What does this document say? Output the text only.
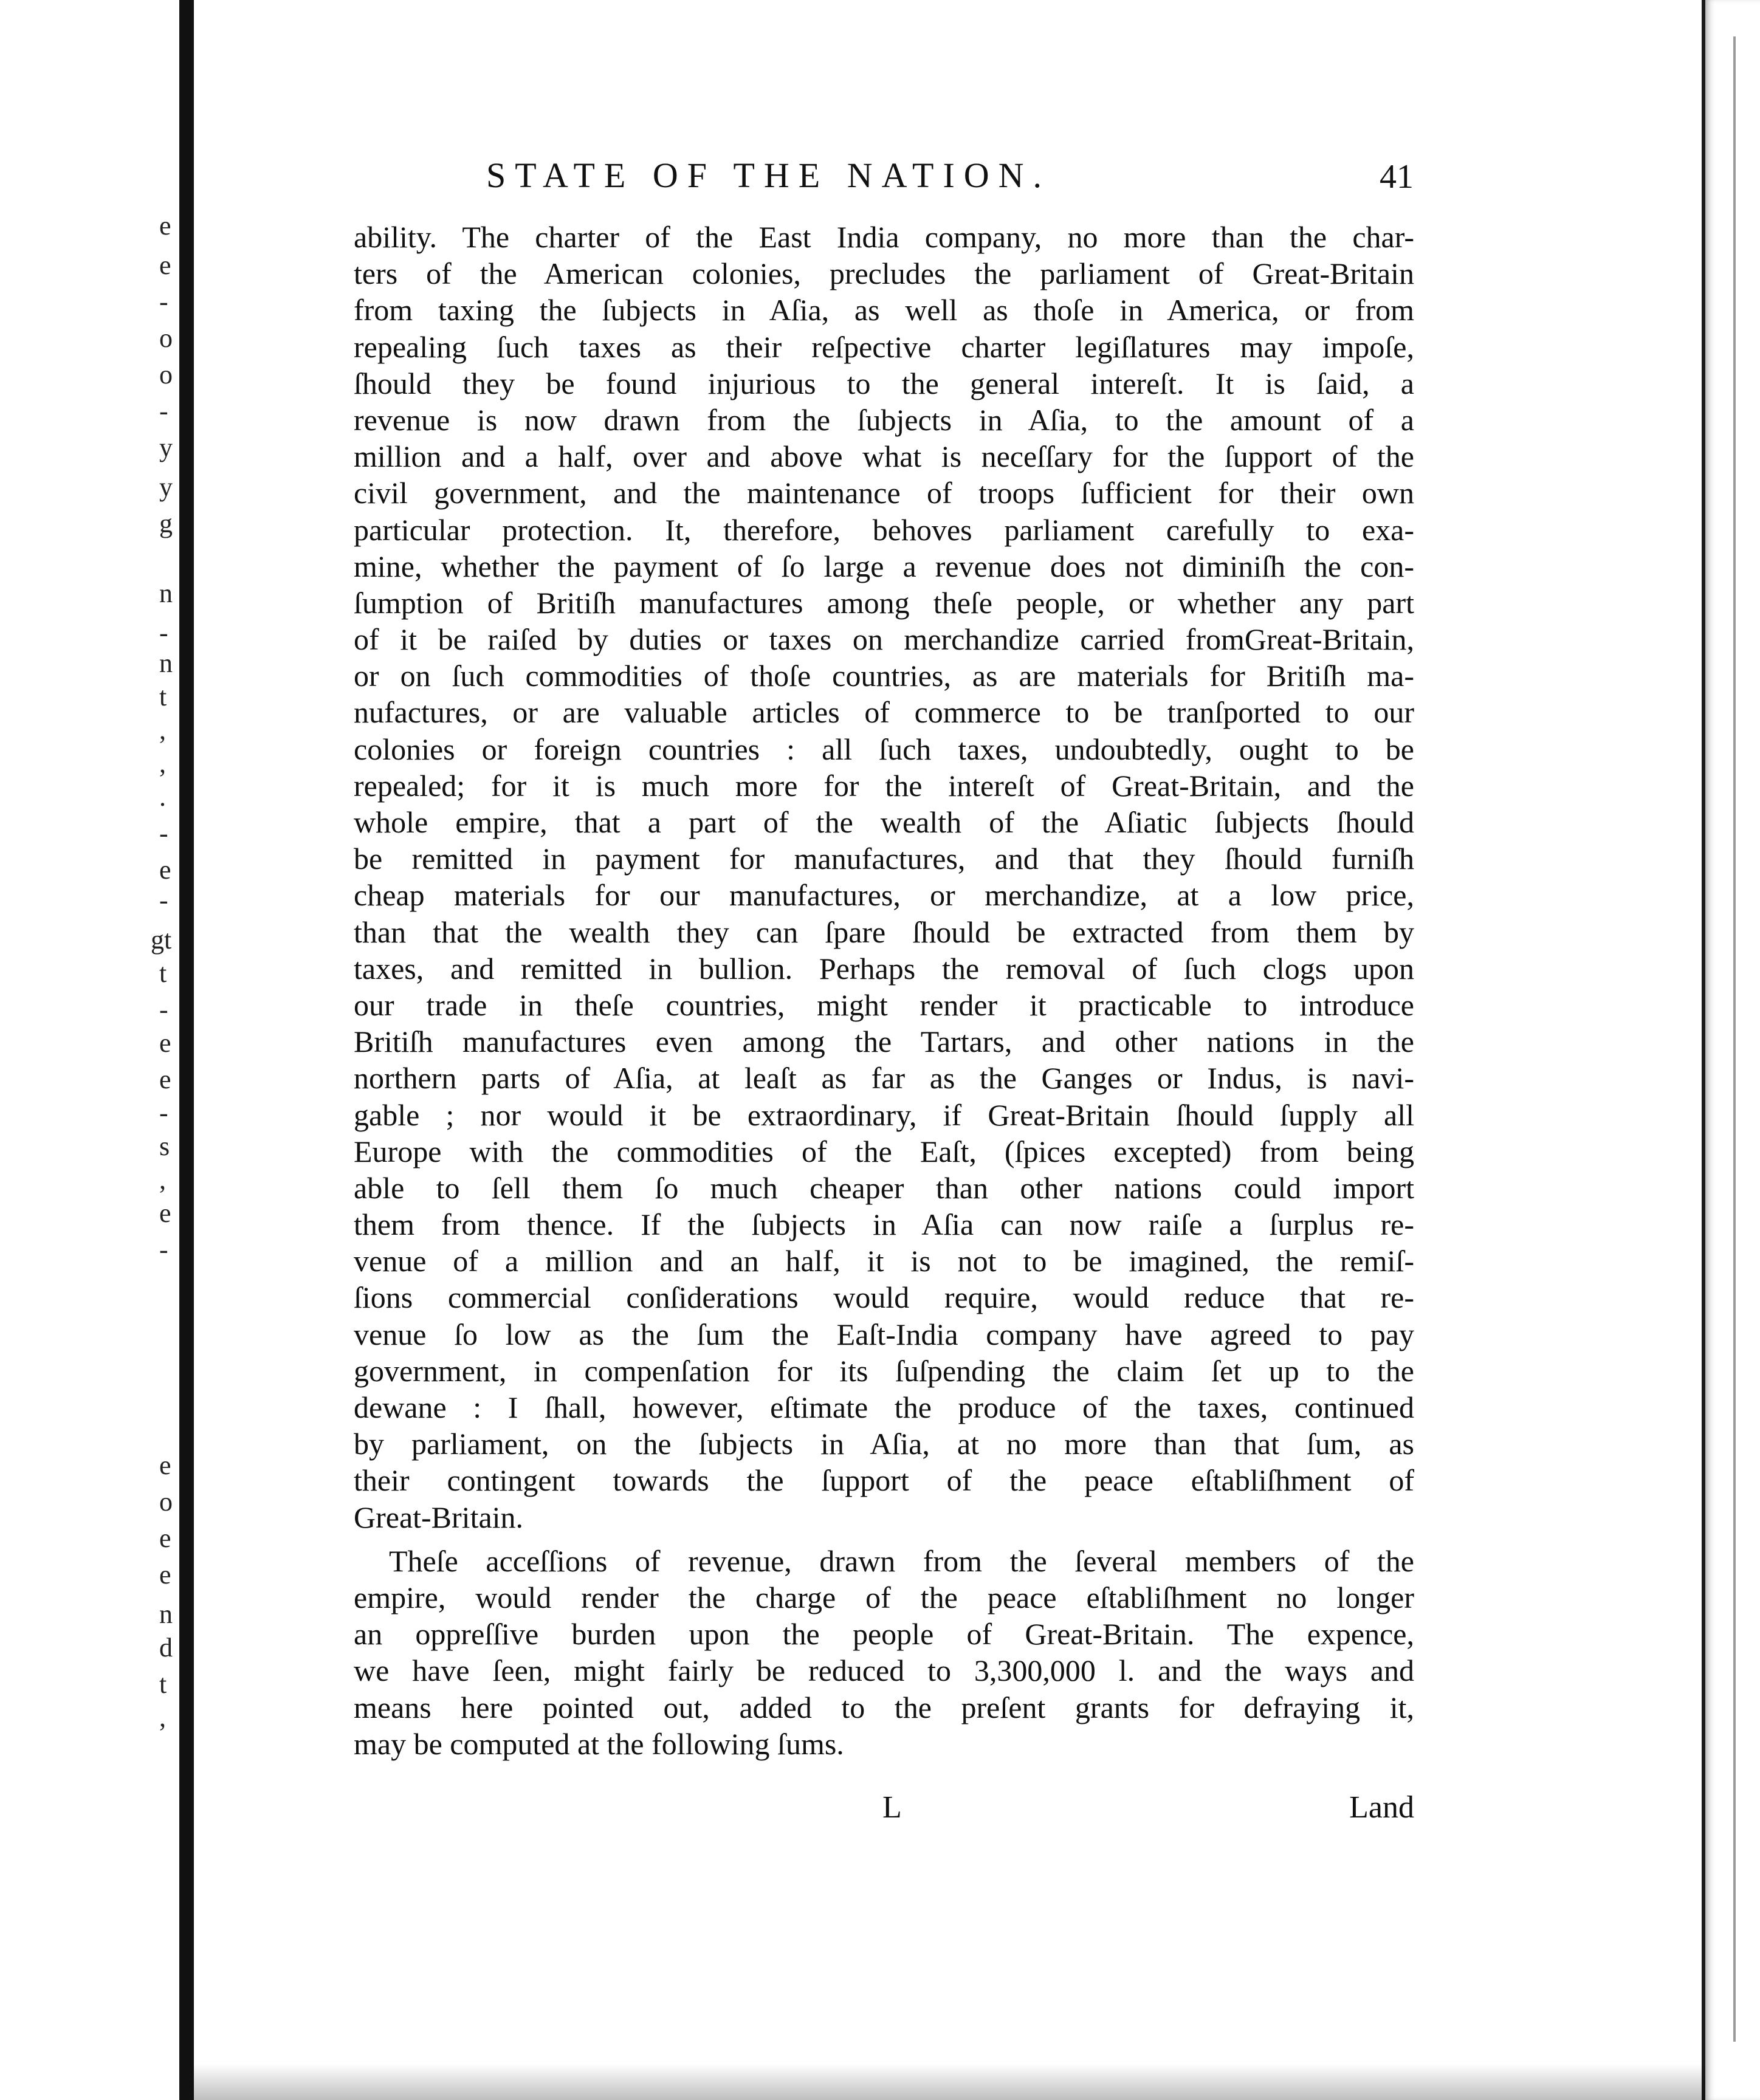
e
e
-
o
o
-
y
y
g
n
-
n
t
,
,
.
-
e
-
gt
t
-
e
e
-
s
,
e
-
e
o
e
e
n
d
t
,
STATE OF THE NATION.	41
ability. The charter of the East India company, no more than the char-
ters of the American colonies, precludes the parliament of Great-Britain
from taxing the ſubjects in Aſia, as well as thoſe in America, or from
repealing ſuch taxes as their reſpective charter legiſlatures may impoſe,
ſhould they be found injurious to the general intereſt. It is ſaid, a
revenue is now drawn from the ſubjects in Aſia, to the amount of a
million and a half, over and above what is neceſſary for the ſupport of the
civil government, and the maintenance of troops ſufficient for their own
particular protection. It, therefore, behoves parliament carefully to exa-
mine, whether the payment of ſo large a revenue does not diminiſh the con-
ſumption of Britiſh manufactures among theſe people, or whether any part
of it be raiſed by duties or taxes on merchandize carried fromGreat-Britain,
or on ſuch commodities of thoſe countries, as are materials for Britiſh ma-
nufactures, or are valuable articles of commerce to be tranſported to our
colonies or foreign countries : all ſuch taxes, undoubtedly, ought to be
repealed; for it is much more for the intereſt of Great-Britain, and the
whole empire, that a part of the wealth of the Aſiatic ſubjects ſhould
be remitted in payment for manufactures, and that they ſhould furniſh
cheap materials for our manufactures, or merchandize, at a low price,
than that the wealth they can ſpare ſhould be extracted from them by
taxes, and remitted in bullion. Perhaps the removal of ſuch clogs upon
our trade in theſe countries, might render it practicable to introduce
Britiſh manufactures even among the Tartars, and other nations in the
northern parts of Aſia, at leaſt as far as the Ganges or Indus, is navi-
gable ; nor would it be extraordinary, if Great-Britain ſhould ſupply all
Europe with the commodities of the Eaſt, (ſpices excepted) from being
able to ſell them ſo much cheaper than other nations could import
them from thence. If the ſubjects in Aſia can now raiſe a ſurplus re-
venue of a million and an half, it is not to be imagined, the remiſ-
ſions commercial conſiderations would require, would reduce that re-
venue ſo low as the ſum the Eaſt-India company have agreed to pay
government, in compenſation for its ſuſpending the claim ſet up to the
dewane : I ſhall, however, eſtimate the produce of the taxes, continued
by parliament, on the ſubjects in Aſia, at no more than that ſum, as
their contingent towards the ſupport of the peace eſtabliſhment of
Great-Britain.
Theſe acceſſions of revenue, drawn from the ſeveral members of the
empire, would render the charge of the peace eſtabliſhment no longer
an oppreſſive burden upon the people of Great-Britain. The expence,
we have ſeen, might fairly be reduced to 3,300,000 l. and the ways and
means here pointed out, added to the preſent grants for defraying it,
may be computed at the following ſums.
L	Land
